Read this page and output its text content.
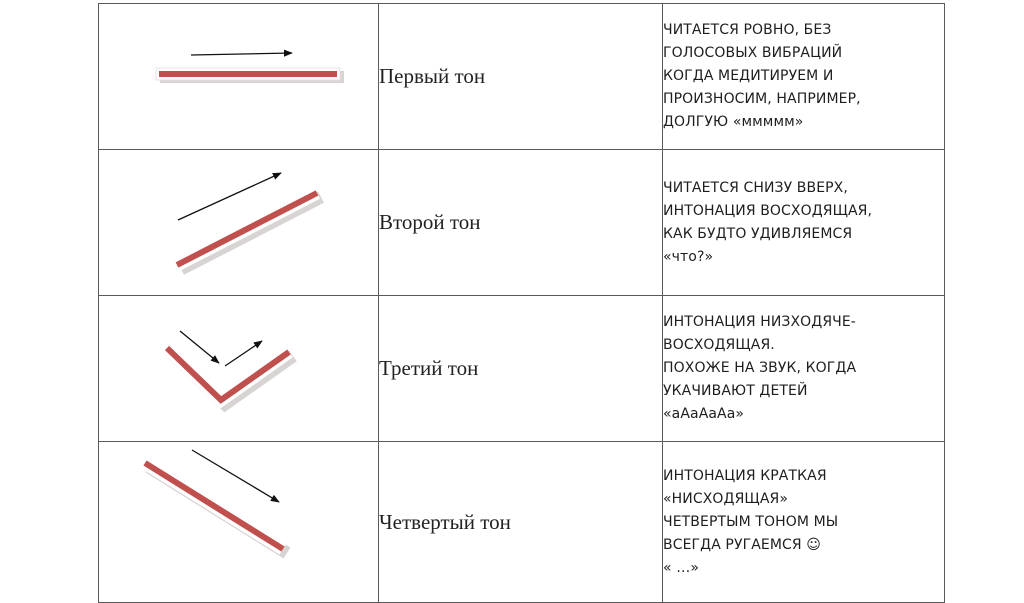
	Первый тон	ЧИТАЕТСЯ РОВНО, БЕЗ
ГОЛОСОВЫХ ВИБРАЦИЙ
КОГДА МЕДИТИРУЕМ И
ПРОИЗНОСИМ, НАПРИМЕР,
ДОЛГУЮ «ммммм»

	Второй тон	ЧИТАЕТСЯ СНИЗУ ВВЕРХ,
ИНТОНАЦИЯ ВОСХОДЯЩАЯ,
КАК БУДТО УДИВЛЯЕМСЯ
«что?»

	Третий тон	ИНТОНАЦИЯ НИЗХОДЯЧЕ-
ВОСХОДЯЩАЯ.
ПОХОЖЕ НА ЗВУК, КОГДА
УКАЧИВАЮТ ДЕТЕЙ
«аАаАаАа»

	Четвертый тон	ИНТОНАЦИЯ КРАТКАЯ
«НИСХОДЯЩАЯ»
ЧЕТВЕРТЫМ ТОНОМ МЫ
ВСЕГДА РУГАЕМСЯ ☺
« …»
